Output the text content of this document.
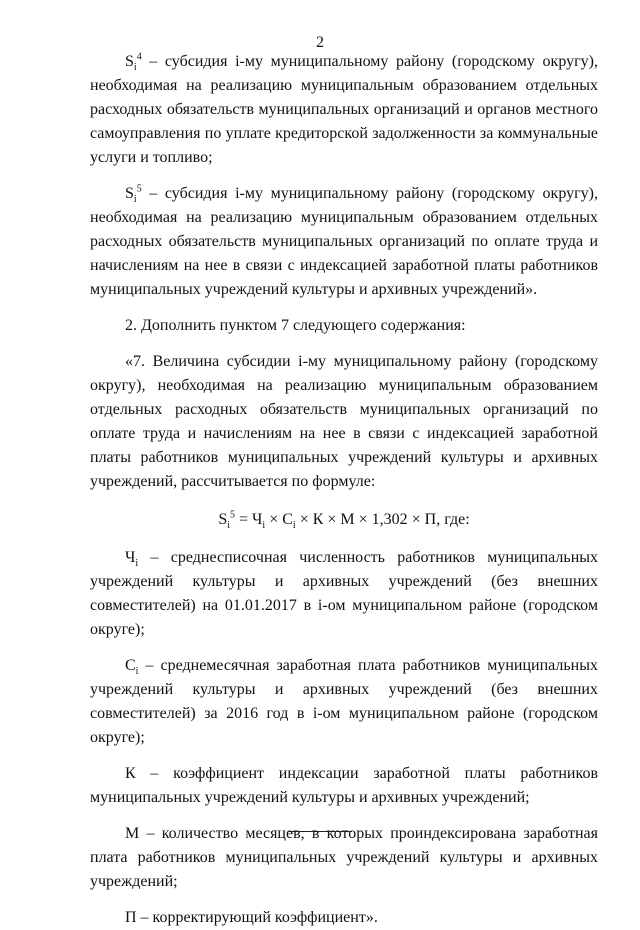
2

$S_i^4$ – субсидия i-му муниципальному району (городскому округу), необходимая на реализацию муниципальным образованием отдельных расходных обязательств муниципальных организаций и органов местного самоуправления по уплате кредиторской задолженности за коммунальные услуги и топливо;

$S_i^5$ – субсидия i-му муниципальному району (городскому округу), необходимая на реализацию муниципальным образованием отдельных расходных обязательств муниципальных организаций по оплате труда и начислениям на нее в связи с индексацией заработной платы работников муниципальных учреждений культуры и архивных учреждений».

2. Дополнить пунктом 7 следующего содержания:

«7. Величина субсидии i-му муниципальному району (городскому округу), необходимая на реализацию муниципальным образованием отдельных расходных обязательств муниципальных организаций по оплате труда и начислениям на нее в связи с индексацией заработной платы работников муниципальных учреждений культуры и архивных учреждений, рассчитывается по формуле:

$S_i^5 = Ч_i \times С_i \times К \times М \times 1,302 \times П$, где:

$Ч_i$ – среднесписочная численность работников муниципальных учреждений культуры и архивных учреждений (без внешних совместителей) на 01.01.2017 в i-ом муниципальном районе (городском округе);

$С_i$ – среднемесячная заработная плата работников муниципальных учреждений культуры и архивных учреждений (без внешних совместителей) за 2016 год в i-ом муниципальном районе (городском округе);

К – коэффициент индексации заработной платы работников муниципальных учреждений культуры и архивных учреждений;

М – количество месяцев, в которых проиндексирована заработная плата работников муниципальных учреждений культуры и архивных учреждений;

П – корректирующий коэффициент».
